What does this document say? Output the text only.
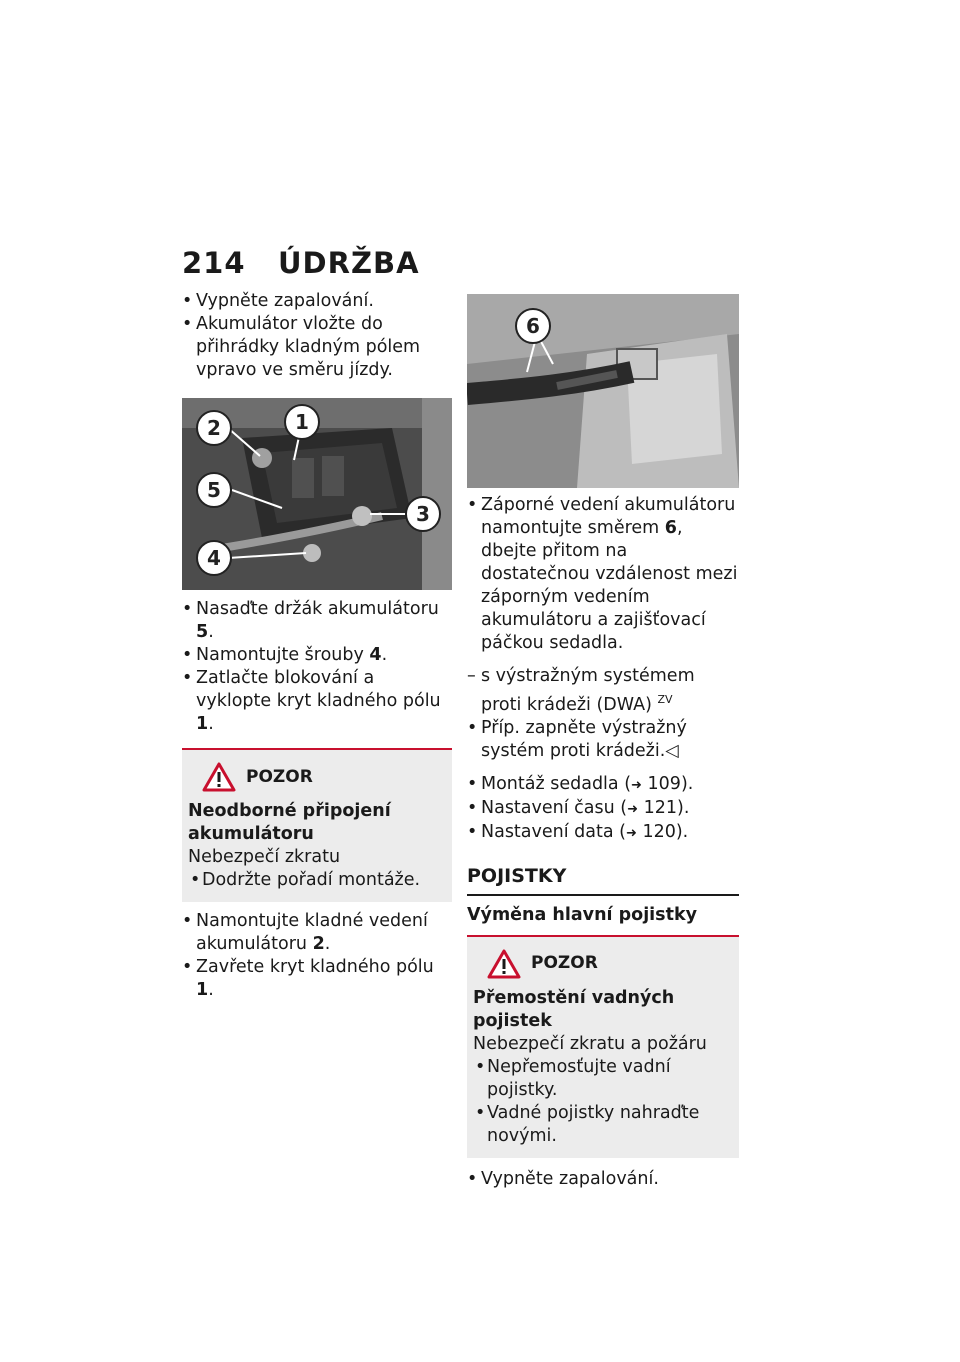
214 ÚDRŽBA

• Vypněte zapalování.

• Akumulátor vložte do přihrádky kladným pólem vpravo ve směru jízdy.

2	1
5
3
4

• Nasaďte držák akumulátoru 5.

• Namontujte šrouby 4.

• Zatlačte blokování a vyklopte kryt kladného pólu 1.

POZOR
Neodborné připojení akumulátoru
Nebezpečí zkratu

• Dodržte pořadí montáže.

• Namontujte kladné vedení akumulátoru 2.

• Zavřete kryt kladného pólu 1.

6

• Záporné vedení akumulátoru namontujte směrem 6, dbejte přitom na dostatečnou vzdálenost mezi záporným vedením akumulátoru a zajišťovací páčkou sedadla.

– s výstražným systémem proti krádeži (DWA) $^{ZV}$

• Příp. zapněte výstražný systém proti krádeži.◁

• Montáž sedadla (➜ 109).

• Nastavení času (➜ 121).

• Nastavení data (➜ 120).

POJISTKY

Výměna hlavní pojistky

POZOR
Přemostění vadných pojistek
Nebezpečí zkratu a požáru

• Nepřemosťujte vadní pojistky.

• Vadné pojistky nahraďte novými.

• Vypněte zapalování.
